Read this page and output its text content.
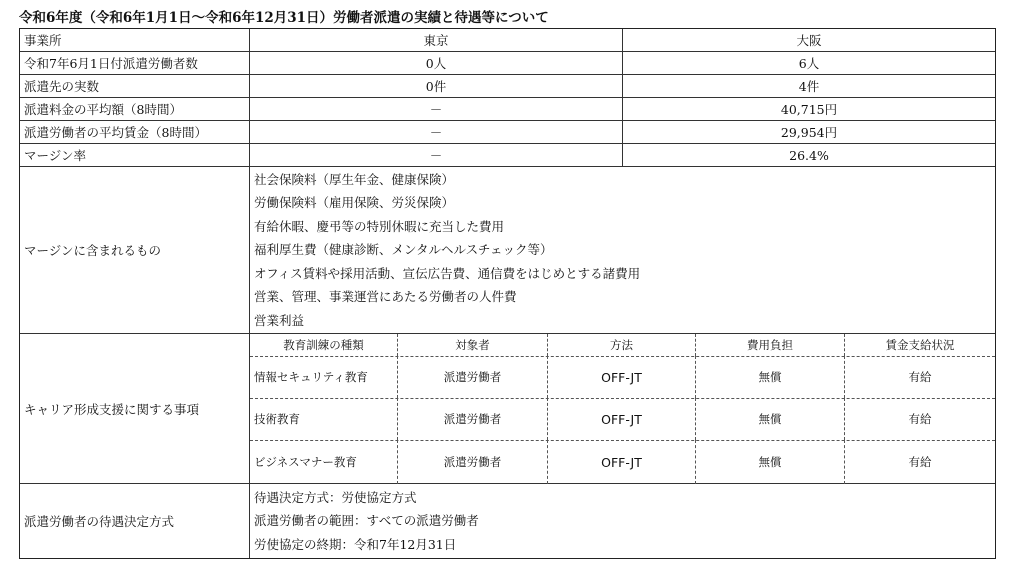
令和6年度（令和6年1月1日～令和6年12月31日）労働者派遣の実績と待遇等について
事業所	東京	大阪
令和7年6月1日付派遣労働者数	0人	6人
派遣先の実数	0件	4件
派遣料金の平均額（8時間）	－	40,715円
派遣労働者の平均賃金（8時間）	－	29,954円
マージン率	－	26.4%
マージンに含まれるもの
社会保険料（厚生年金、健康保険）
労働保険料（雇用保険、労災保険）
有給休暇、慶弔等の特別休暇に充当した費用
福利厚生費（健康診断、メンタルヘルスチェック等）
オフィス賃料や採用活動、宣伝広告費、通信費をはじめとする諸費用
営業、管理、事業運営にあたる労働者の人件費
営業利益
キャリア形成支援に関する事項
教育訓練の種類	対象者	方法	費用負担	賃金支給状況
情報セキュリティ教育	派遣労働者	OFF-JT	無償	有給
技術教育	派遣労働者	OFF-JT	無償	有給
ビジネスマナー教育	派遣労働者	OFF-JT	無償	有給
派遣労働者の待遇決定方式
待遇決定方式：労使協定方式
派遣労働者の範囲：すべての派遣労働者
労使協定の終期：令和7年12月31日
